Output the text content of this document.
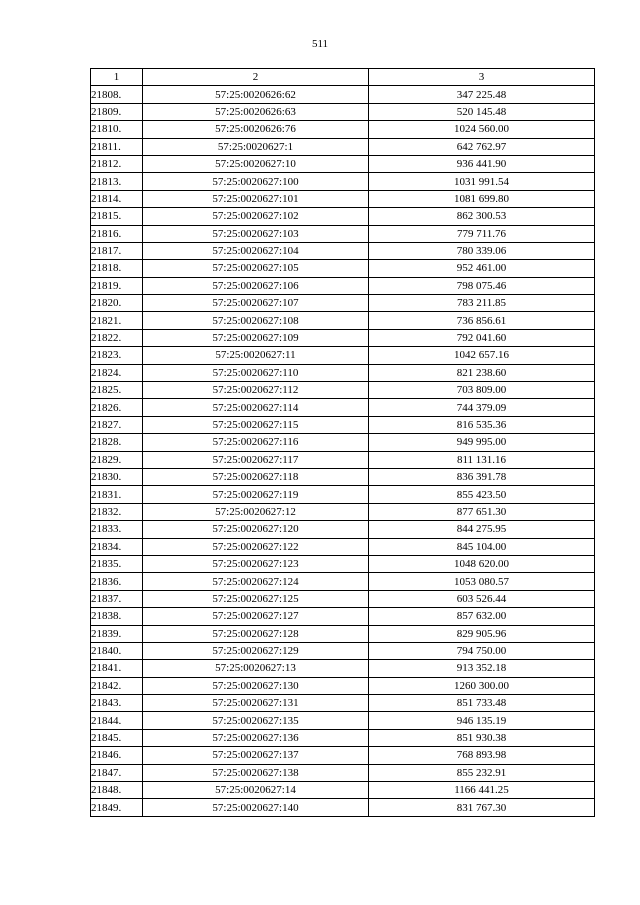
511
1	2	3
21808.	57:25:0020626:62	347 225.48
21809.	57:25:0020626:63	520 145.48
21810.	57:25:0020626:76	1024 560.00
21811.	57:25:0020627:1	642 762.97
21812.	57:25:0020627:10	936 441.90
21813.	57:25:0020627:100	1031 991.54
21814.	57:25:0020627:101	1081 699.80
21815.	57:25:0020627:102	862 300.53
21816.	57:25:0020627:103	779 711.76
21817.	57:25:0020627:104	780 339.06
21818.	57:25:0020627:105	952 461.00
21819.	57:25:0020627:106	798 075.46
21820.	57:25:0020627:107	783 211.85
21821.	57:25:0020627:108	736 856.61
21822.	57:25:0020627:109	792 041.60
21823.	57:25:0020627:11	1042 657.16
21824.	57:25:0020627:110	821 238.60
21825.	57:25:0020627:112	703 809.00
21826.	57:25:0020627:114	744 379.09
21827.	57:25:0020627:115	816 535.36
21828.	57:25:0020627:116	949 995.00
21829.	57:25:0020627:117	811 131.16
21830.	57:25:0020627:118	836 391.78
21831.	57:25:0020627:119	855 423.50
21832.	57:25:0020627:12	877 651.30
21833.	57:25:0020627:120	844 275.95
21834.	57:25:0020627:122	845 104.00
21835.	57:25:0020627:123	1048 620.00
21836.	57:25:0020627:124	1053 080.57
21837.	57:25:0020627:125	603 526.44
21838.	57:25:0020627:127	857 632.00
21839.	57:25:0020627:128	829 905.96
21840.	57:25:0020627:129	794 750.00
21841.	57:25:0020627:13	913 352.18
21842.	57:25:0020627:130	1260 300.00
21843.	57:25:0020627:131	851 733.48
21844.	57:25:0020627:135	946 135.19
21845.	57:25:0020627:136	851 930.38
21846.	57:25:0020627:137	768 893.98
21847.	57:25:0020627:138	855 232.91
21848.	57:25:0020627:14	1166 441.25
21849.	57:25:0020627:140	831 767.30
